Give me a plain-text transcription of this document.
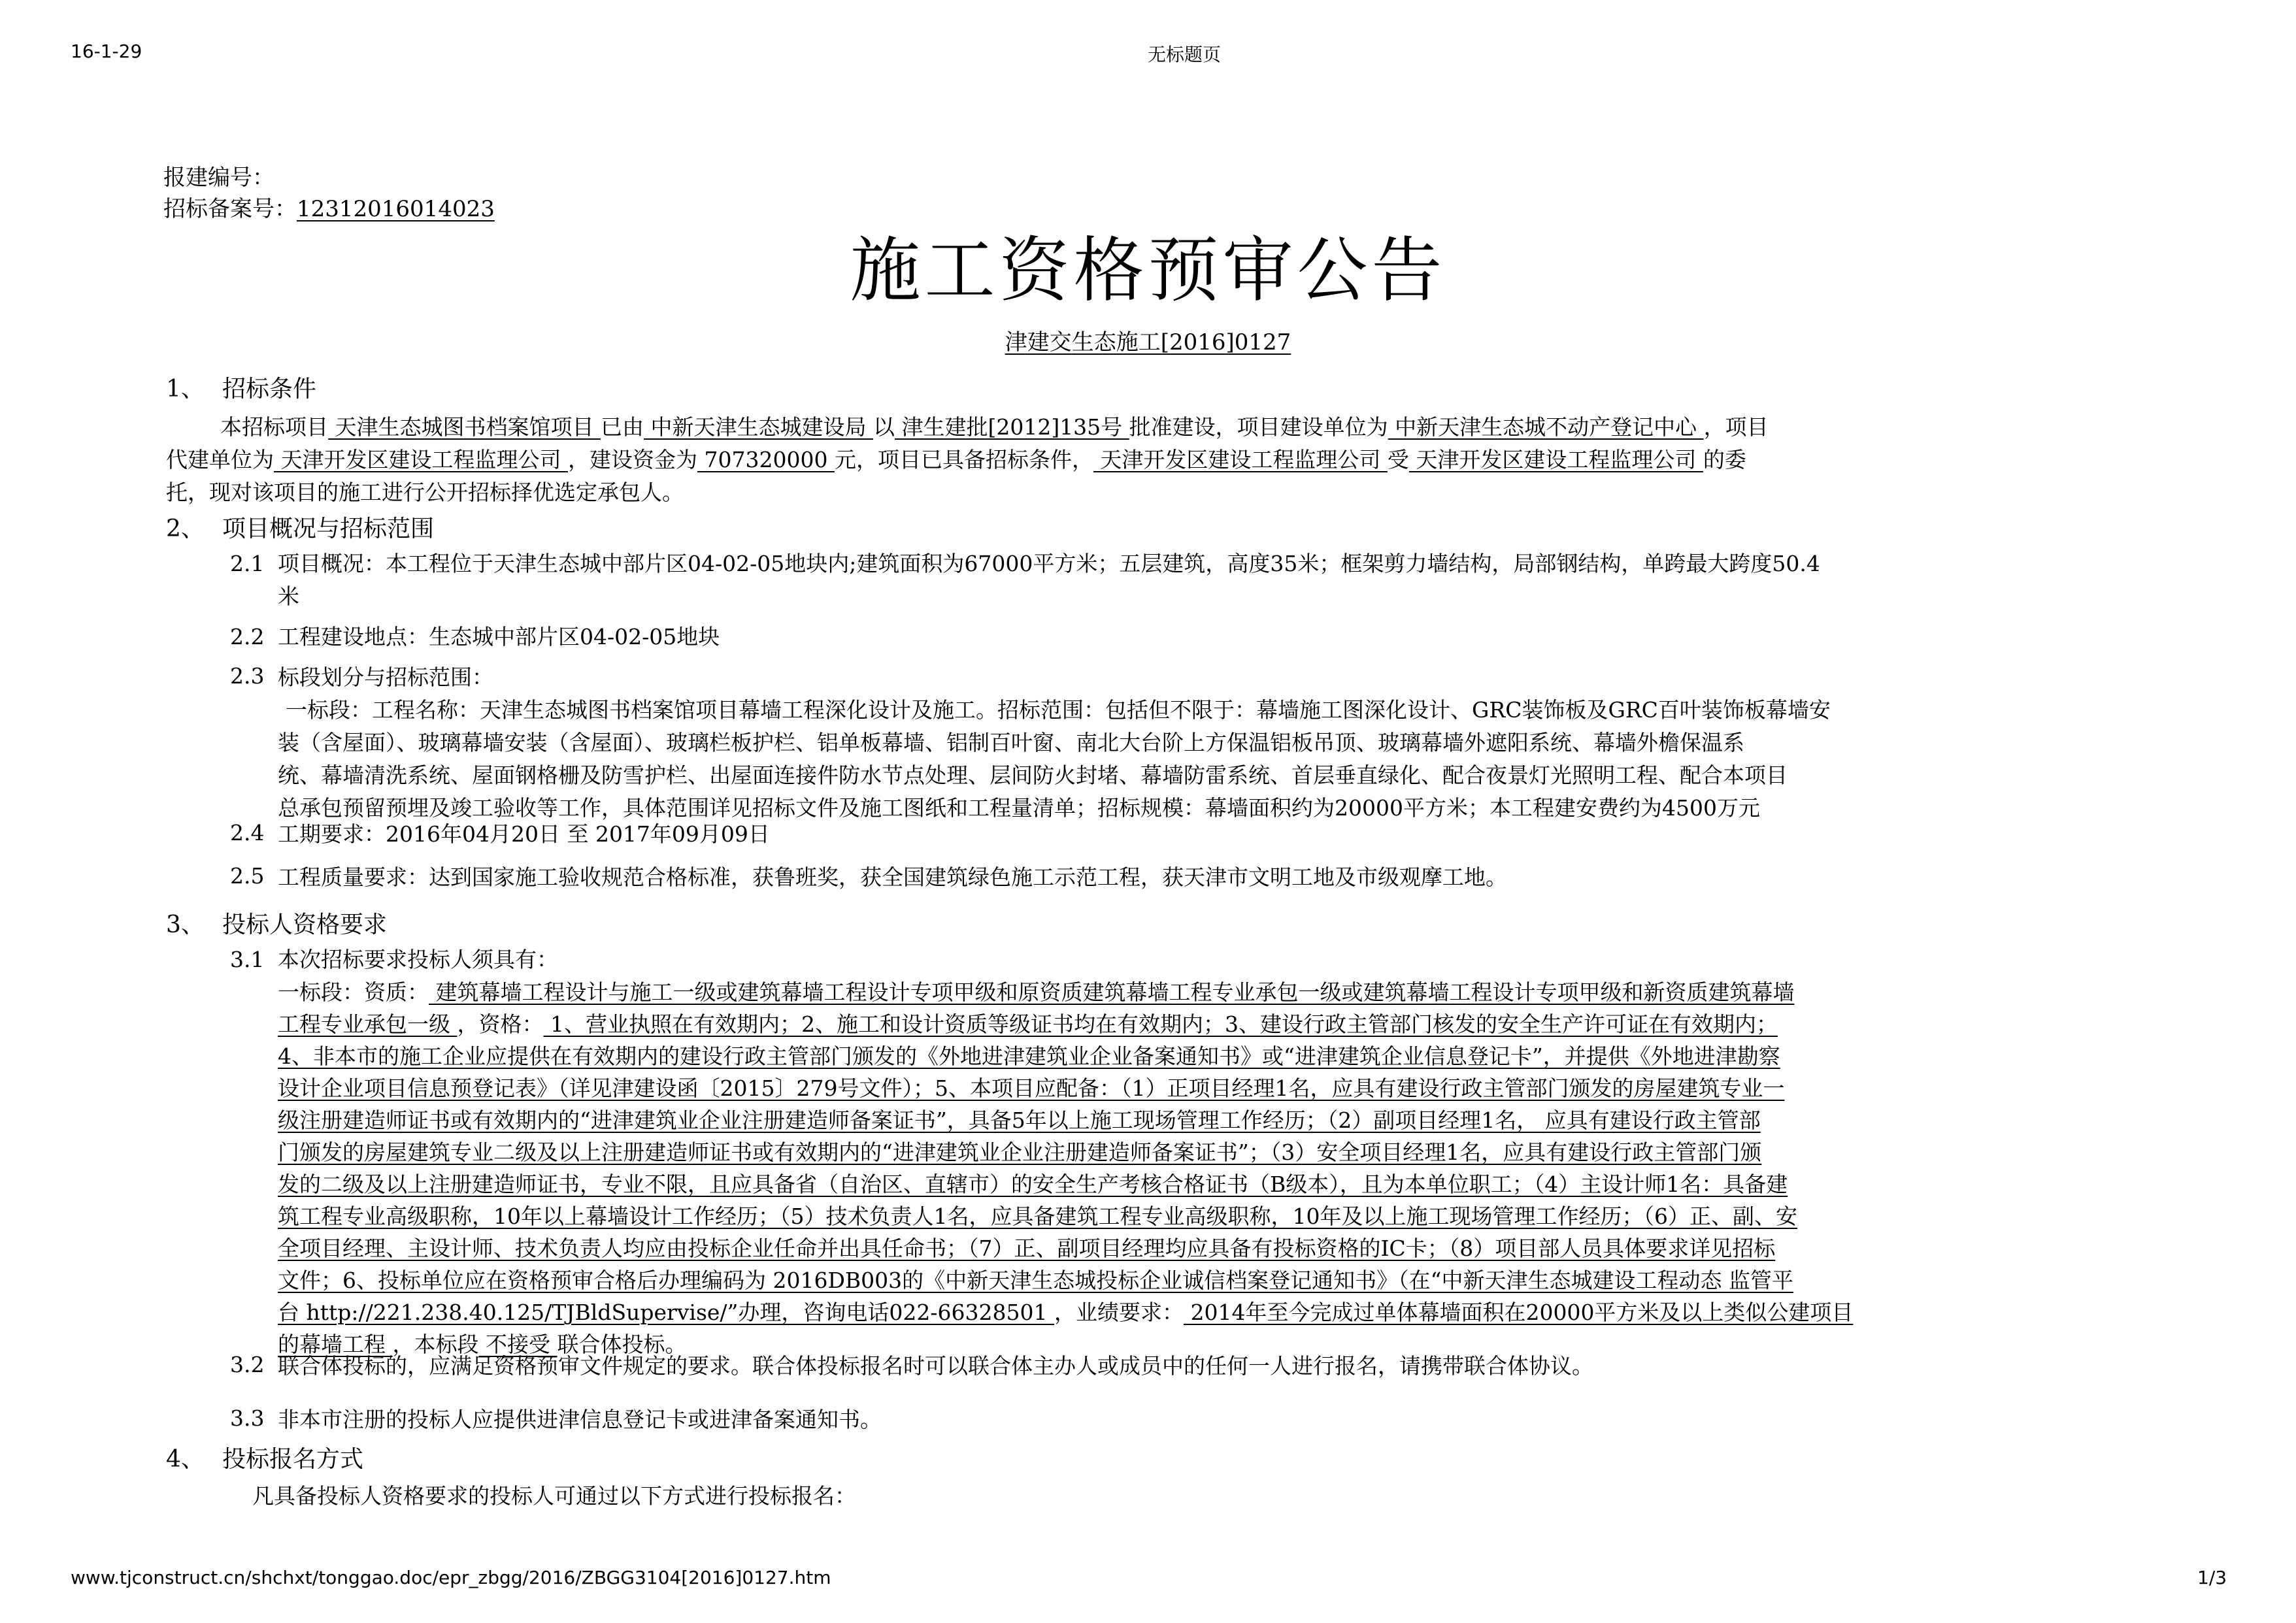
16-1-29	无标题页
报建编号：
招标备案号：12312016014023
施工资格预审公告
津建交生态施工[2016]0127
1、 招标条件
本招标项目 天津生态城图书档案馆项目 已由 中新天津生态城建设局 以 津生建批[2012]135号 批准建设，项目建设单位为 中新天津生态城不动产登记中心 ，项目
代建单位为 天津开发区建设工程监理公司 ，建设资金为 707320000 元，项目已具备招标条件， 天津开发区建设工程监理公司 受 天津开发区建设工程监理公司 的委
托，现对该项目的施工进行公开招标择优选定承包人。
2、 项目概况与招标范围
2.1 项目概况：本工程位于天津生态城中部片区04-02-05地块内;建筑面积为67000平方米；五层建筑，高度35米；框架剪力墙结构，局部钢结构，单跨最大跨度50.4
米
2.2 工程建设地点：生态城中部片区04-02-05地块
2.3 标段划分与招标范围：
一标段：工程名称：天津生态城图书档案馆项目幕墙工程深化设计及施工。招标范围：包括但不限于：幕墙施工图深化设计、GRC装饰板及GRC百叶装饰板幕墙安
装（含屋面）、玻璃幕墙安装（含屋面）、玻璃栏板护栏、铝单板幕墙、铝制百叶窗、南北大台阶上方保温铝板吊顶、玻璃幕墙外遮阳系统、幕墙外檐保温系
统、幕墙清洗系统、屋面钢格栅及防雪护栏、出屋面连接件防水节点处理、层间防火封堵、幕墙防雷系统、首层垂直绿化、配合夜景灯光照明工程、配合本项目
总承包预留预埋及竣工验收等工作，具体范围详见招标文件及施工图纸和工程量清单；招标规模：幕墙面积约为20000平方米；本工程建安费约为4500万元
2.4 工期要求：2016年04月20日 至 2017年09月09日
2.5 工程质量要求：达到国家施工验收规范合格标准，获鲁班奖，获全国建筑绿色施工示范工程，获天津市文明工地及市级观摩工地。
3、 投标人资格要求
3.1 本次招标要求投标人须具有：
一标段：资质： 建筑幕墙工程设计与施工一级或建筑幕墙工程设计专项甲级和原资质建筑幕墙工程专业承包一级或建筑幕墙工程设计专项甲级和新资质建筑幕墙
工程专业承包一级 ，资格： 1、营业执照在有效期内；2、施工和设计资质等级证书均在有效期内；3、建设行政主管部门核发的安全生产许可证在有效期内；
4、非本市的施工企业应提供在有效期内的建设行政主管部门颁发的《外地进津建筑业企业备案通知书》或“进津建筑企业信息登记卡”，并提供《外地进津勘察
设计企业项目信息预登记表》（详见津建设函〔2015〕279号文件）；5、本项目应配备：（1）正项目经理1名，应具有建设行政主管部门颁发的房屋建筑专业一
级注册建造师证书或有效期内的“进津建筑业企业注册建造师备案证书”，具备5年以上施工现场管理工作经历；（2）副项目经理1名， 应具有建设行政主管部
门颁发的房屋建筑专业二级及以上注册建造师证书或有效期内的“进津建筑业企业注册建造师备案证书”；（3）安全项目经理1名，应具有建设行政主管部门颁
发的二级及以上注册建造师证书，专业不限，且应具备省（自治区、直辖市）的安全生产考核合格证书（B级本），且为本单位职工；（4）主设计师1名：具备建
筑工程专业高级职称，10年以上幕墙设计工作经历；（5）技术负责人1名，应具备建筑工程专业高级职称，10年及以上施工现场管理工作经历；（6）正、副、安
全项目经理、主设计师、技术负责人均应由投标企业任命并出具任命书；（7）正、副项目经理均应具备有投标资格的IC卡；（8）项目部人员具体要求详见招标
文件；6、投标单位应在资格预审合格后办理编码为 2016DB003的《中新天津生态城投标企业诚信档案登记通知书》（在“中新天津生态城建设工程动态 监管平
台 http://221.238.40.125/TJBldSupervise/”办理，咨询电话022-66328501 ，业绩要求： 2014年至今完成过单体幕墙面积在20000平方米及以上类似公建项目
的幕墙工程 ，本标段 不接受 联合体投标。
3.2 联合体投标的，应满足资格预审文件规定的要求。联合体投标报名时可以联合体主办人或成员中的任何一人进行报名，请携带联合体协议。
3.3 非本市注册的投标人应提供进津信息登记卡或进津备案通知书。
4、 投标报名方式
凡具备投标人资格要求的投标人可通过以下方式进行投标报名：
www.tjconstruct.cn/shchxt/tonggao.doc/epr_zbgg/2016/ZBGG3104[2016]0127.htm	1/3
